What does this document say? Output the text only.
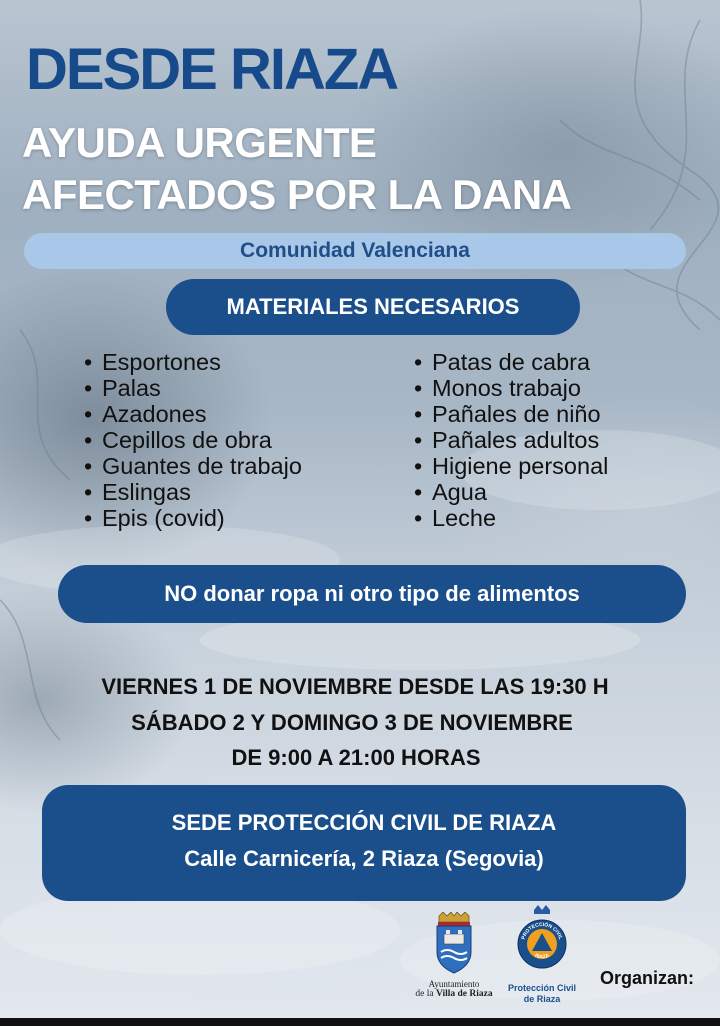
DESDE RIAZA
AYUDA URGENTE
AFECTADOS POR LA DANA
Comunidad Valenciana
MATERIALES NECESARIOS
• Esportones
• Palas
• Azadones
• Cepillos de obra
• Guantes de trabajo
• Eslingas
• Epis (covid)
• Patas de cabra
• Monos trabajo
• Pañales de niño
• Pañales adultos
• Higiene personal
• Agua
• Leche
NO donar ropa ni otro tipo de alimentos

VIERNES 1 DE NOVIEMBRE DESDE LAS 19:30 H

SÁBADO 2 Y DOMINGO 3 DE NOVIEMBRE

DE 9:00 A 21:00 HORAS

SEDE PROTECCIÓN CIVIL DE RIAZA
Calle Carnicería, 2 Riaza (Segovia)
Ayuntamiento
de la Villa de Riaza
PROTECCIÓN CIVIL
RIAZA
Protección Civil
de Riaza
Organizan:
